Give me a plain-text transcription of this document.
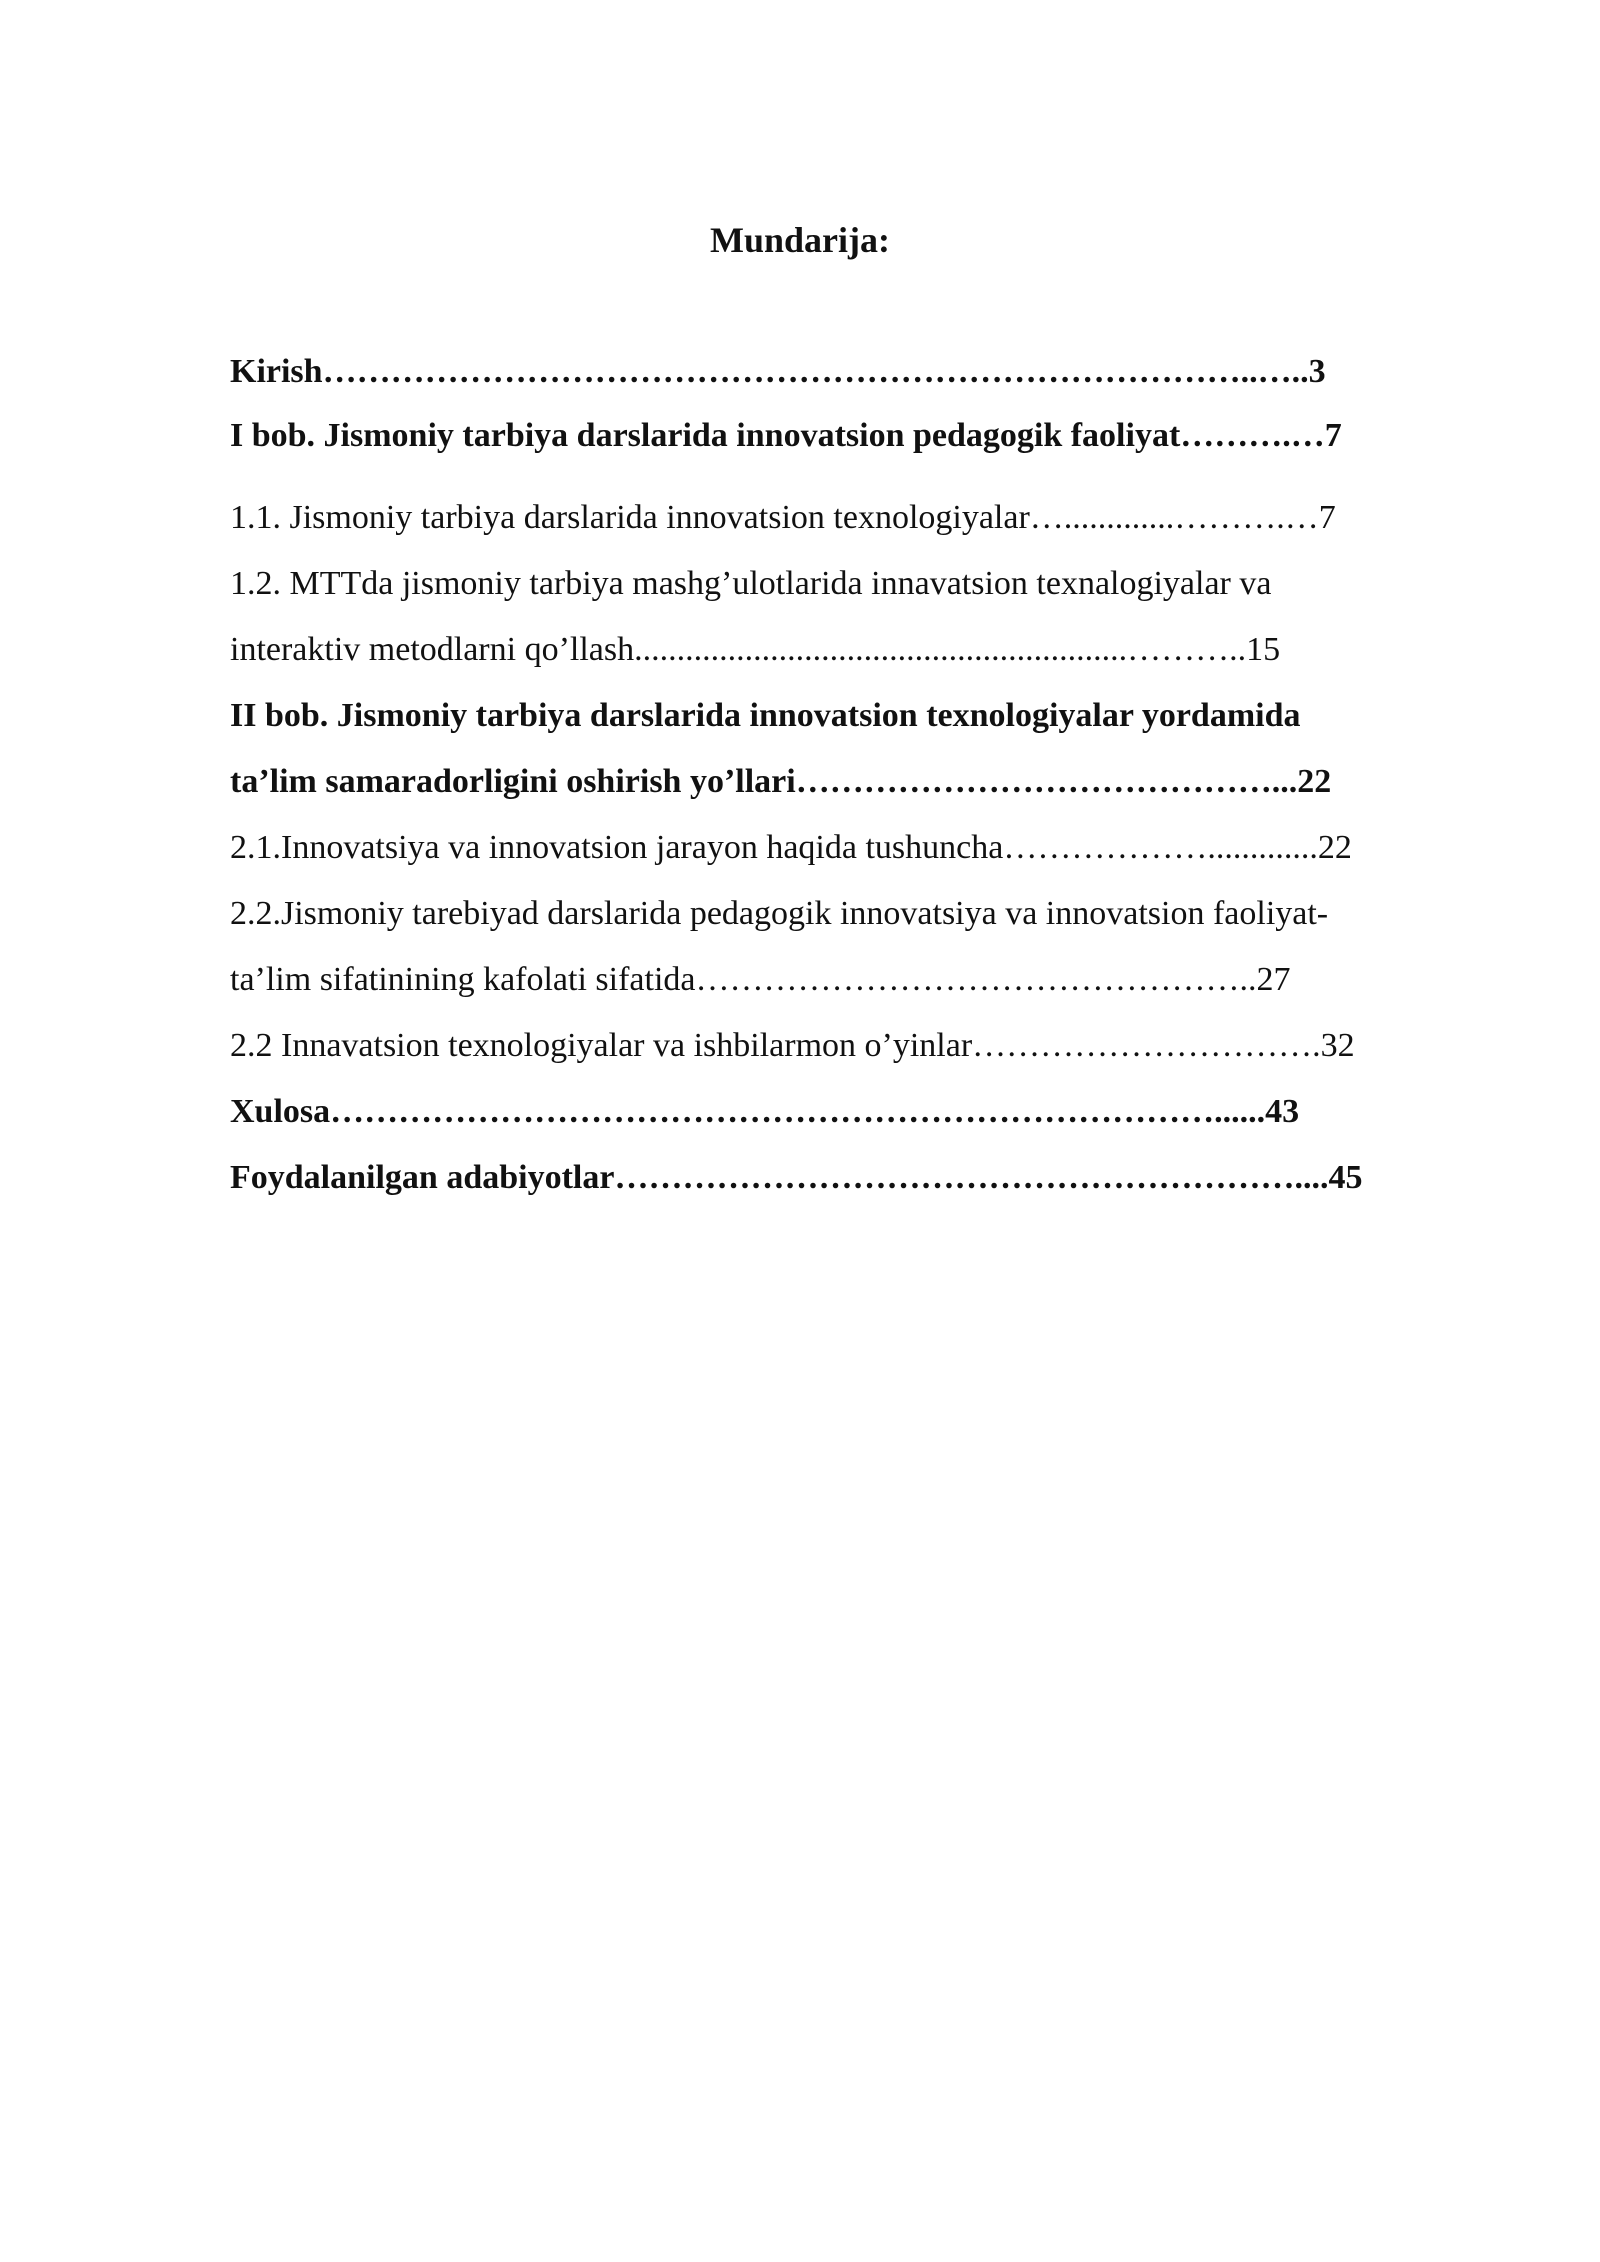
Mundarija:
Kirish………………………………………………………………………..…..3
I bob. Jismoniy tarbiya darslarida innovatsion pedagogik faoliyat……….…7
1.1. Jismoniy tarbiya darslarida innovatsion texnologiyalar….............……….…7
1.2. MTTda jismoniy tarbiya mashg’ulotlarida innavatsion texnalogiyalar va
interaktiv metodlarni qo’llash..........................................................………..15
II bob. Jismoniy tarbiya darslarida innovatsion texnologiyalar yordamida
ta’lim samaradorligini oshirish yo’llari……………………………………...22
2.1.Innovatsiya va innovatsion jarayon haqida tushuncha……………….............22
2.2.Jismoniy tarebiyad darslarida pedagogik innovatsiya va innovatsion faoliyat-
ta’lim sifatinining kafolati sifatida…………………………………………..27
2.2 Innavatsion texnologiyalar va ishbilarmon o’yinlar………………………….32
Xulosa……………………………………………………………………......43
Foydalanilgan adabiyotlar……………………………………………………....45
